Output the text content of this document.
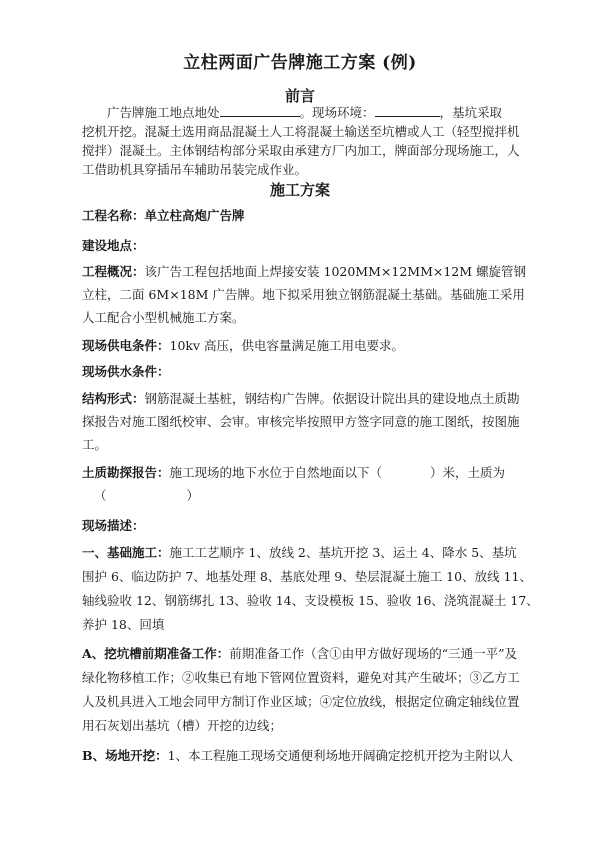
立柱两面广告牌施工方案 (例)
前言

广告牌施工地点地处	。现场环境：	，基坑采取

挖机开挖。混凝土选用商品混凝土人工将混凝土输送至坑槽或人工（轻型搅拌机

搅拌）混凝土。主体钢结构部分采取由承建方厂内加工，牌面部分现场施工，人

工借助机具穿插吊车辅助吊装完成作业。

施工方案
工程名称：单立柱高炮广告牌
建设地点：
工程概况：该广告工程包括地面上焊接安装 1020MM×12MM×12M 螺旋管钢
立柱，二面 6M×18M 广告牌。地下拟采用独立钢筋混凝土基础。基础施工采用
人工配合小型机械施工方案。
现场供电条件：10kv 高压，供电容量满足施工用电要求。
现场供水条件：
结构形式：钢筋混凝土基桩，钢结构广告牌。依据设计院出具的建设地点土质勘
探报告对施工图纸校审、会审。审核完毕按照甲方签字同意的施工图纸，按图施
工。
土质勘探报告：施工现场的地下水位于自然地面以下（	）米，土质为
（	）
现场描述：
一、基础施工：施工工艺顺序 1、放线 2、基坑开挖 3、运土 4、降水 5、基坑
围护 6、临边防护 7、地基处理 8、基底处理 9、垫层混凝土施工 10、放线 11、
轴线验收 12、钢筋绑扎 13、验收 14、支设模板 15、验收 16、浇筑混凝土 17、
养护 18、回填
A、挖坑槽前期准备工作：前期准备工作（含①由甲方做好现场的“三通一平”及
绿化物移植工作；②收集已有地下管网位置资料，避免对其产生破坏；③乙方工
人及机具进入工地会同甲方制订作业区域；④定位放线，根据定位确定轴线位置
用石灰划出基坑（槽）开挖的边线；
B、场地开挖：1、本工程施工现场交通便利场地开阔确定挖机开挖为主附以人
